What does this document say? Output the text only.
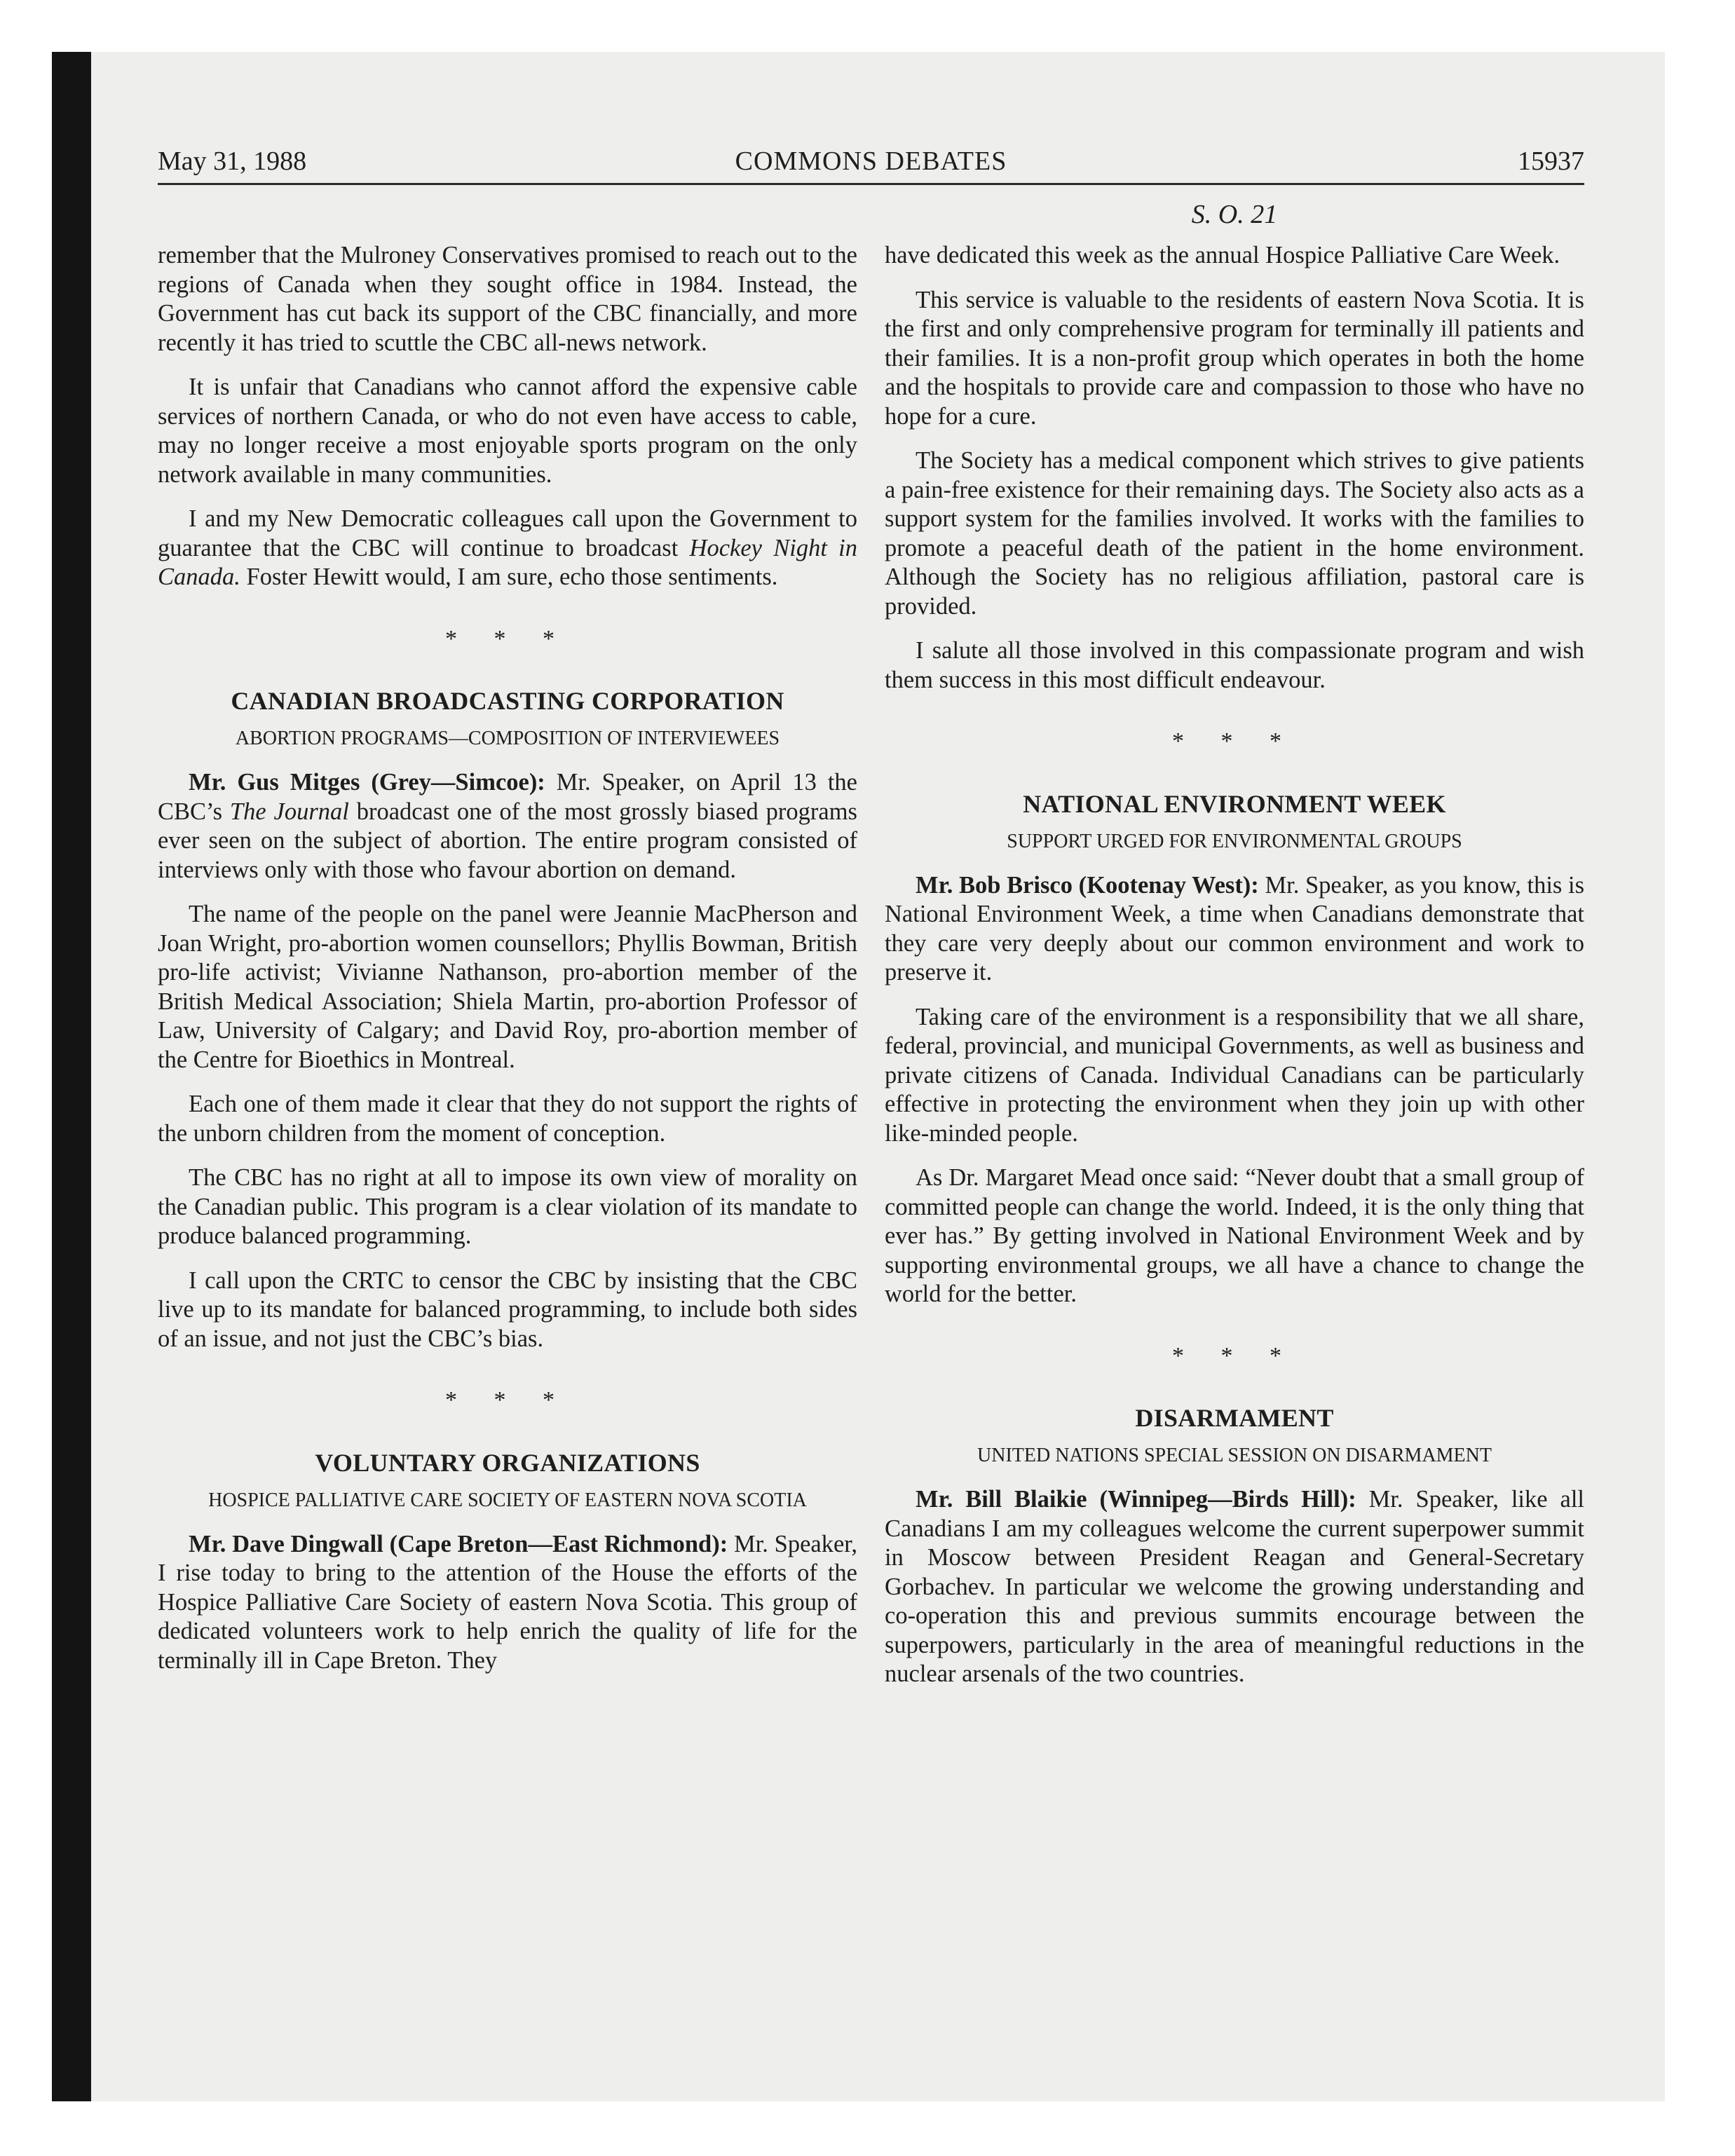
May 31, 1988	COMMONS DEBATES	15937
S. O. 21

remember that the Mulroney Conservatives promised to reach out to the regions of Canada when they sought office in 1984. Instead, the Government has cut back its support of the CBC financially, and more recently it has tried to scuttle the CBC all-news network.

It is unfair that Canadians who cannot afford the expensive cable services of northern Canada, or who do not even have access to cable, may no longer receive a most enjoyable sports program on the only network available in many communities.

I and my New Democratic colleagues call upon the Government to guarantee that the CBC will continue to broadcast Hockey Night in Canada. Foster Hewitt would, I am sure, echo those sentiments.

* * *
CANADIAN BROADCASTING CORPORATION
ABORTION PROGRAMS—COMPOSITION OF INTERVIEWEES

Mr. Gus Mitges (Grey—Simcoe): Mr. Speaker, on April 13 the CBC’s The Journal broadcast one of the most grossly biased programs ever seen on the subject of abortion. The entire program consisted of interviews only with those who favour abortion on demand.

The name of the people on the panel were Jeannie MacPherson and Joan Wright, pro-abortion women counsellors; Phyllis Bowman, British pro-life activist; Vivianne Nathanson, pro-abortion member of the British Medical Association; Shiela Martin, pro-abortion Professor of Law, University of Calgary; and David Roy, pro-abortion member of the Centre for Bioethics in Montreal.

Each one of them made it clear that they do not support the rights of the unborn children from the moment of conception.

The CBC has no right at all to impose its own view of morality on the Canadian public. This program is a clear violation of its mandate to produce balanced programming.

I call upon the CRTC to censor the CBC by insisting that the CBC live up to its mandate for balanced programming, to include both sides of an issue, and not just the CBC’s bias.

* * *
VOLUNTARY ORGANIZATIONS
HOSPICE PALLIATIVE CARE SOCIETY OF EASTERN NOVA SCOTIA

Mr. Dave Dingwall (Cape Breton—East Richmond): Mr. Speaker, I rise today to bring to the attention of the House the efforts of the Hospice Palliative Care Society of eastern Nova Scotia. This group of dedicated volunteers work to help enrich the quality of life for the terminally ill in Cape Breton. They

have dedicated this week as the annual Hospice Palliative Care Week.

This service is valuable to the residents of eastern Nova Scotia. It is the first and only comprehensive program for terminally ill patients and their families. It is a non-profit group which operates in both the home and the hospitals to provide care and compassion to those who have no hope for a cure.

The Society has a medical component which strives to give patients a pain-free existence for their remaining days. The Society also acts as a support system for the families involved. It works with the families to promote a peaceful death of the patient in the home environment. Although the Society has no religious affiliation, pastoral care is provided.

I salute all those involved in this compassionate program and wish them success in this most difficult endeavour.

* * *
NATIONAL ENVIRONMENT WEEK
SUPPORT URGED FOR ENVIRONMENTAL GROUPS

Mr. Bob Brisco (Kootenay West): Mr. Speaker, as you know, this is National Environment Week, a time when Canadians demonstrate that they care very deeply about our common environment and work to preserve it.

Taking care of the environment is a responsibility that we all share, federal, provincial, and municipal Governments, as well as business and private citizens of Canada. Individual Canadians can be particularly effective in protecting the environment when they join up with other like-minded people.

As Dr. Margaret Mead once said: “Never doubt that a small group of committed people can change the world. Indeed, it is the only thing that ever has.” By getting involved in National Environment Week and by supporting environmental groups, we all have a chance to change the world for the better.

* * *
DISARMAMENT
UNITED NATIONS SPECIAL SESSION ON DISARMAMENT

Mr. Bill Blaikie (Winnipeg—Birds Hill): Mr. Speaker, like all Canadians I am my colleagues welcome the current superpower summit in Moscow between President Reagan and General-Secretary Gorbachev. In particular we welcome the growing understanding and co-operation this and previous summits encourage between the superpowers, particularly in the area of meaningful reductions in the nuclear arsenals of the two countries.
